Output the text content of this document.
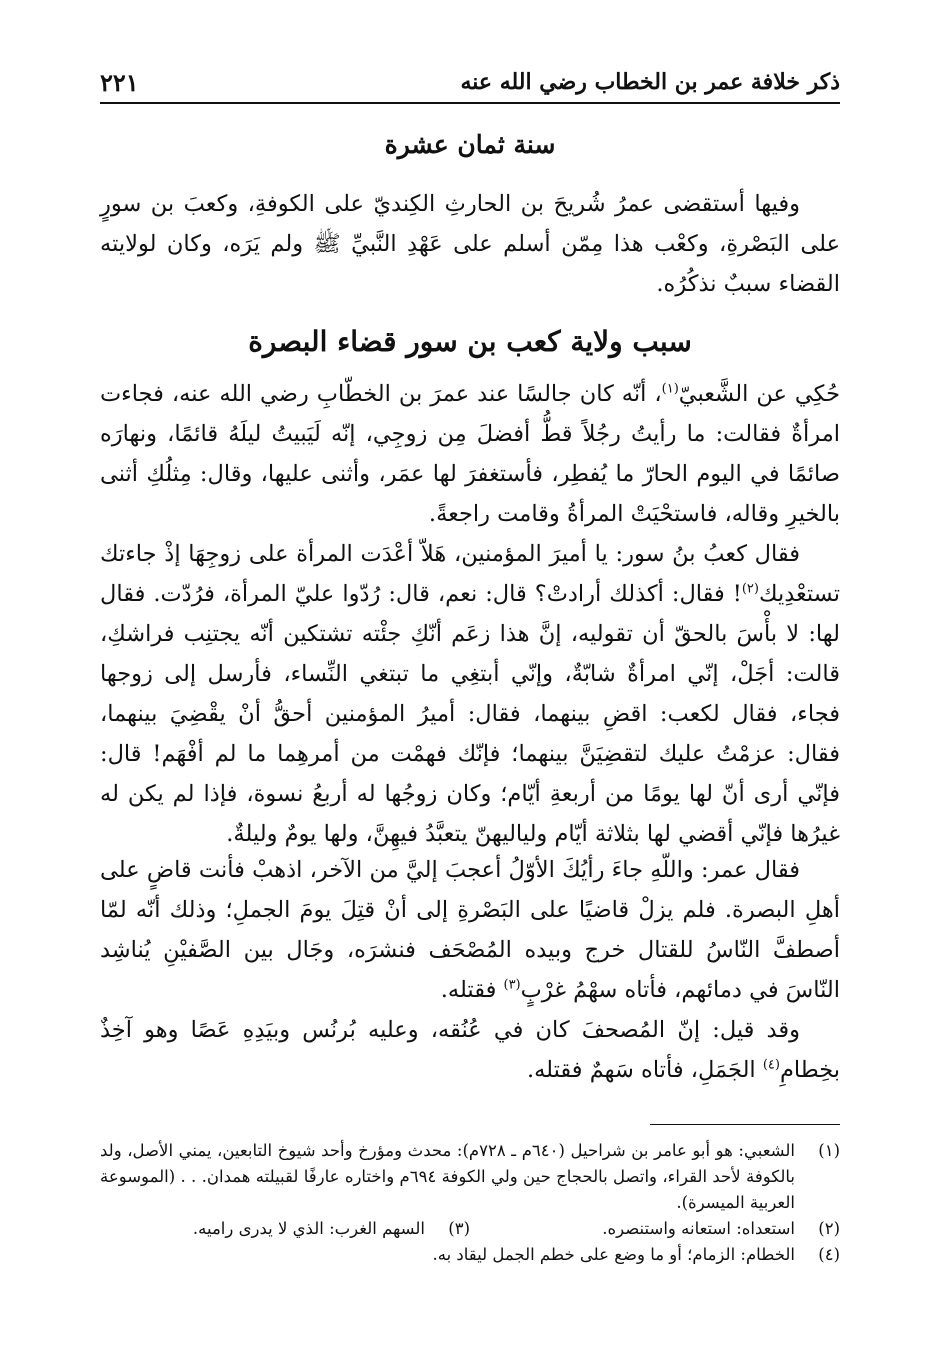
ذكر خلافة عمر بن الخطاب رضي الله عنه
٢٢١
سنة ثمان عشرة
وفيها أستقضى عمرُ شُريحَ بن الحارثِ الكِنديّ على الكوفةِ، وكعبَ بن سورٍ على البَصْرةِ، وكعْب هذا مِمّن أسلم على عَهْدِ النَّبيِّ ﷺ ولم يَرَه، وكان لولايته القضاء سببٌ نذكُرُه.
سبب ولاية كعب بن سور قضاء البصرة
حُكِي عن الشَّعبيّ$^{(١)}$، أنّه كان جالسًا عند عمرَ بن الخطّابِ رضي الله عنه، فجاءت امرأةٌ فقالت: ما رأيتُ رجُلاً قطُّ أفضلَ مِن زوجِي، إنّه لَيَبيتُ ليلَهُ قائمًا، ونهارَه صائمًا في اليوم الحارّ ما يُفطِر، فأستغفرَ لها عمَر، وأثنى عليها، وقال: مِثلُكِ أثنى بالخيرِ وقاله، فاستحْيَتْ المرأةُ وقامت راجعةً.
فقال كعبُ بنُ سور: يا أميرَ المؤمنين، هَلاّ أعْدَت المرأة على زوجِهَا إذْ جاءتك تستعْدِيك$^{(٢)}$! فقال: أكذلك أرادتْ؟ قال: نعم، قال: رُدّوا عليّ المرأة، فرُدّت. فقال لها: لا بأْسَ بالحقّ أن تقوليه، إنَّ هذا زعَم أنّكِ جئْته تشتكين أنّه يجتنِب فراشكِ، قالت: أجَلْ، إنّي امرأةٌ شابّةٌ، وإنّي أبتغِي ما تبتغي النِّساء، فأرسل إلى زوجها فجاء، فقال لكعب: اقضِ بينهما، فقال: أميرُ المؤمنين أحقُّ أنْ يقْضِيَ بينهما، فقال: عزمْتُ عليك لتقضِيَنَّ بينهما؛ فإنّك فهمْت من أمرهِما ما لم أفْهَم! قال: فإنّي أرى أنّ لها يومًا من أربعةِ أيّام؛ وكان زوجُها له أربعُ نسوة، فإذا لم يكن له غيرُها فإنّي أقضي لها بثلاثة أيّام ولياليهنّ يتعبَّدُ فيهِنَّ، ولها يومٌ وليلةٌ.
فقال عمر: واللّهِ جاءَ رأيُكَ الأوّلُ أعجبَ إليَّ من الآخر، اذهبْ فأنت قاضٍ على أهلِ البصرة. فلم يزلْ قاضيًا على البَصْرةِ إلى أنْ قتِلَ يومَ الجملِ؛ وذلك أنّه لمّا أصطفَّ النّاسُ للقتال خرج وبيده المُصْحَف فنشرَه، وجَال بين الصَّفيْنِ يُناشِد النّاسَ في دمائهم، فأتاه سهْمُ غرْبٍ$^{(٣)}$ فقتله.
وقد قيل: إنّ المُصحفَ كان في عُنُقه، وعليه بُرنُس وبيَدِهِ عَصًا وهو آخِذٌ بخِطامِ$^{(٤)}$ الجَمَلِ، فأتاه سَهمٌ فقتله.
(١)
الشعبي: هو أبو عامر بن شراحيل (٦٤٠م ـ ٧٢٨م): محدث ومؤرخ وأحد شيوخ التابعين، يمني الأصل، ولد بالكوفة لأحد القراء، واتصل بالحجاج حين ولي الكوفة ٦٩٤م واختاره عارفًا لقبيلته همدان. . . (الموسوعة العربية الميسرة).
(٢)
استعداه: استعانه واستنصره.
(٣)
السهم الغرب: الذي لا يدرى راميه.
(٤)
الخطام: الزمام؛ أو ما وضع على خطم الجمل ليقاد به.
